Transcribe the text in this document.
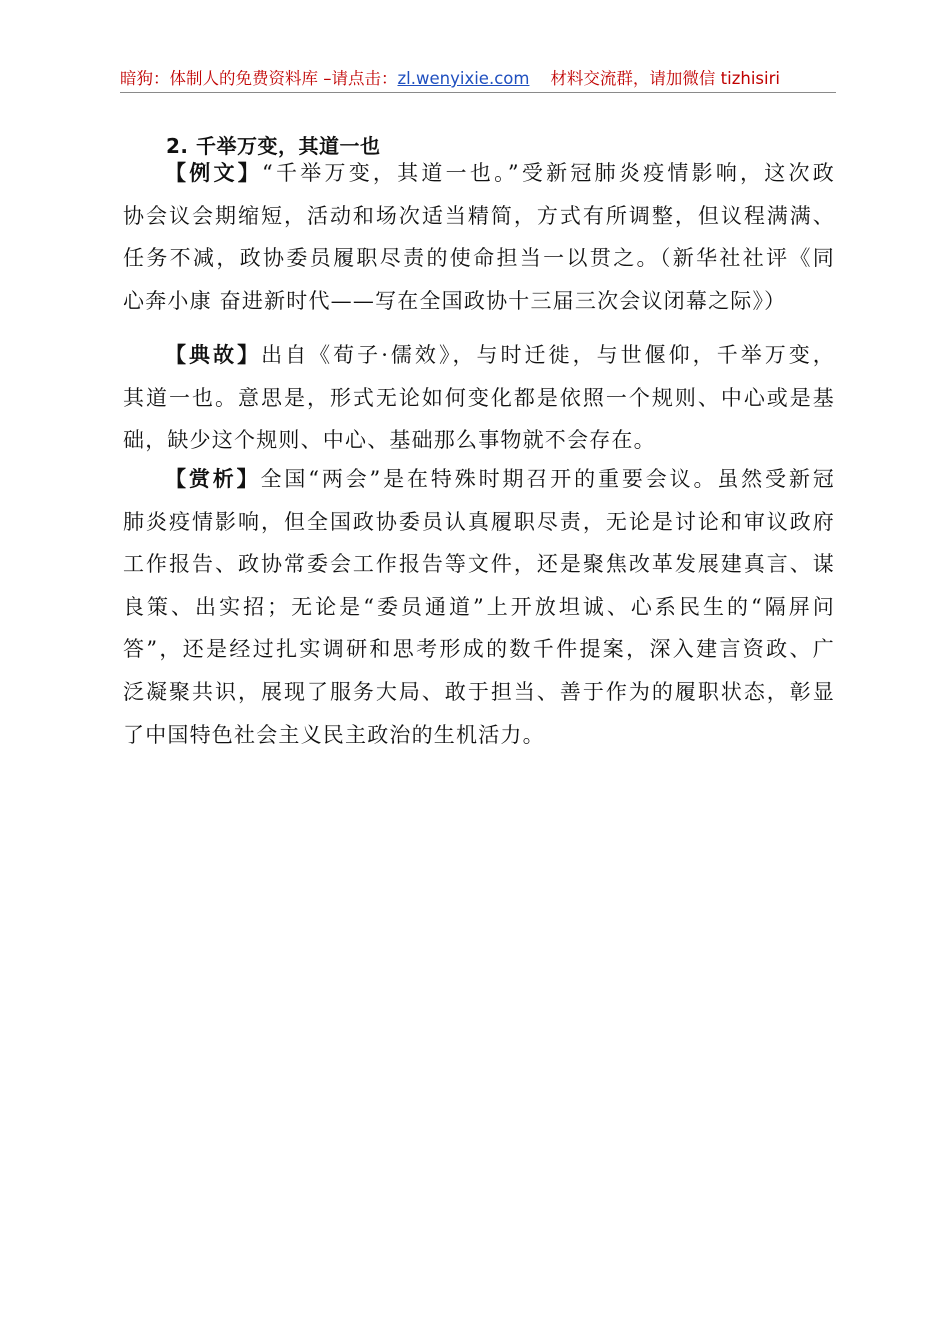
暗狗：体制人的免费资料库 –请点击：zl.wenyixie.com 材料交流群，请加微信 tizhisiri
2. 千举万变，其道一也
【例文】“千举万变，其道一也。”受新冠肺炎疫情影响，这次政
协会议会期缩短，活动和场次适当精简，方式有所调整，但议程满满、
任务不减，政协委员履职尽责的使命担当一以贯之。（新华社社评《同
心奔小康 奋进新时代——写在全国政协十三届三次会议闭幕之际》）
【典故】出自《荀子·儒效》，与时迁徙，与世偃仰，千举万变，
其道一也。意思是，形式无论如何变化都是依照一个规则、中心或是基
础，缺少这个规则、中心、基础那么事物就不会存在。
【赏析】全国“两会”是在特殊时期召开的重要会议。虽然受新冠
肺炎疫情影响，但全国政协委员认真履职尽责，无论是讨论和审议政府
工作报告、政协常委会工作报告等文件，还是聚焦改革发展建真言、谋
良策、出实招；无论是“委员通道”上开放坦诚、心系民生的“隔屏问
答”，还是经过扎实调研和思考形成的数千件提案，深入建言资政、广
泛凝聚共识，展现了服务大局、敢于担当、善于作为的履职状态，彰显
了中国特色社会主义民主政治的生机活力。
